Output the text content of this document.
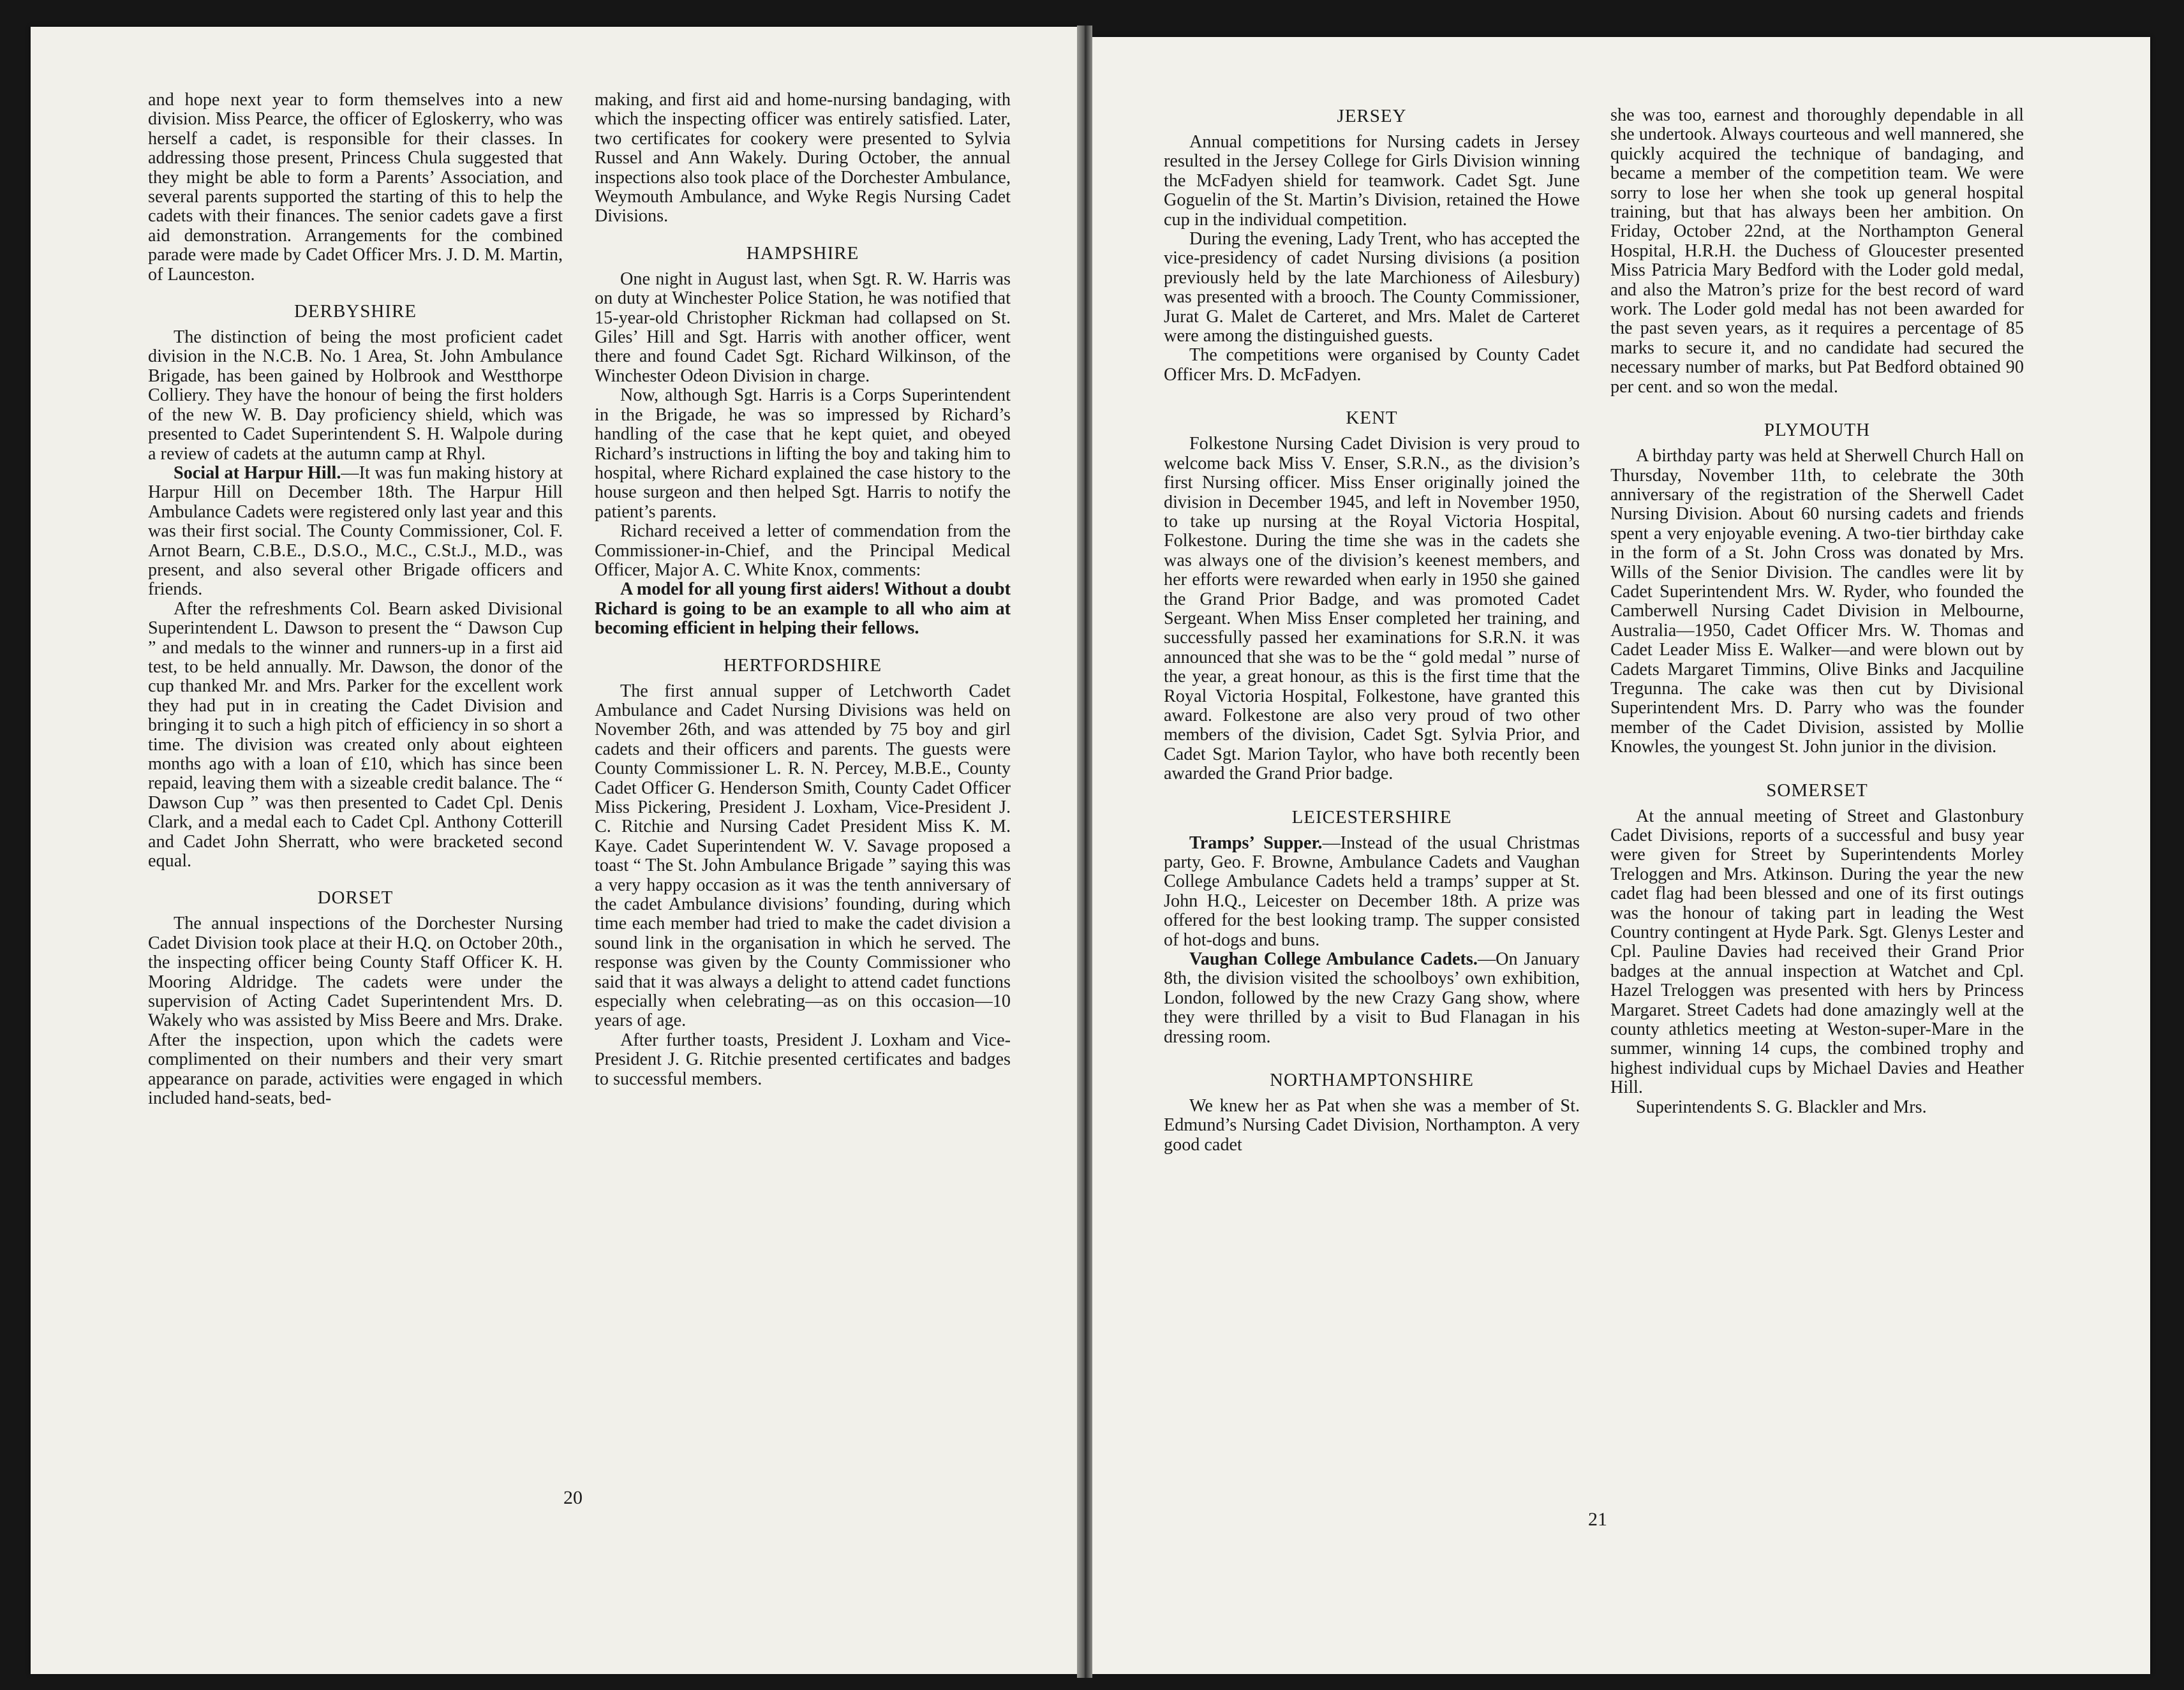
and hope next year to form themselves into a new division. Miss Pearce, the officer of Egloskerry, who was herself a cadet, is responsible for their classes. In addressing those present, Princess Chula suggested that they might be able to form a Parents’ Association, and several parents supported the starting of this to help the cadets with their finances. The senior cadets gave a first aid demonstration. Arrangements for the combined parade were made by Cadet Officer Mrs. J. D. M. Martin, of Launceston.

DERBYSHIRE

The distinction of being the most proficient cadet division in the N.C.B. No. 1 Area, St. John Ambulance Brigade, has been gained by Holbrook and Westthorpe Colliery. They have the honour of being the first holders of the new W. B. Day proficiency shield, which was presented to Cadet Superintendent S. H. Walpole during a review of cadets at the autumn camp at Rhyl.

Social at Harpur Hill.—It was fun making history at Harpur Hill on December 18th. The Harpur Hill Ambulance Cadets were registered only last year and this was their first social. The County Commissioner, Col. F. Arnot Bearn, C.B.E., D.S.O., M.C., C.St.J., M.D., was present, and also several other Brigade officers and friends.

After the refreshments Col. Bearn asked Divisional Superintendent L. Dawson to present the “ Dawson Cup ” and medals to the winner and runners-up in a first aid test, to be held annually. Mr. Dawson, the donor of the cup thanked Mr. and Mrs. Parker for the excellent work they had put in in creating the Cadet Division and bringing it to such a high pitch of efficiency in so short a time. The division was created only about eighteen months ago with a loan of £10, which has since been repaid, leaving them with a sizeable credit balance. The “ Dawson Cup ” was then presented to Cadet Cpl. Denis Clark, and a medal each to Cadet Cpl. Anthony Cotterill and Cadet John Sherratt, who were bracketed second equal.

DORSET

The annual inspections of the Dorchester Nursing Cadet Division took place at their H.Q. on October 20th., the inspecting officer being County Staff Officer K. H. Mooring Aldridge. The cadets were under the supervision of Acting Cadet Superintendent Mrs. D. Wakely who was assisted by Miss Beere and Mrs. Drake. After the inspection, upon which the cadets were complimented on their numbers and their very smart appearance on parade, activities were engaged in which included hand-seats, bed-

making, and first aid and home-nursing bandaging, with which the inspecting officer was entirely satisfied. Later, two certificates for cookery were presented to Sylvia Russel and Ann Wakely. During October, the annual inspections also took place of the Dorchester Ambulance, Weymouth Ambulance, and Wyke Regis Nursing Cadet Divisions.

HAMPSHIRE

One night in August last, when Sgt. R. W. Harris was on duty at Winchester Police Station, he was notified that 15-year-old Christopher Rickman had collapsed on St. Giles’ Hill and Sgt. Harris with another officer, went there and found Cadet Sgt. Richard Wilkinson, of the Winchester Odeon Division in charge.

Now, although Sgt. Harris is a Corps Superintendent in the Brigade, he was so impressed by Richard’s handling of the case that he kept quiet, and obeyed Richard’s instructions in lifting the boy and taking him to hospital, where Richard explained the case history to the house surgeon and then helped Sgt. Harris to notify the patient’s parents.

Richard received a letter of commendation from the Commissioner-in-Chief, and the Principal Medical Officer, Major A. C. White Knox, comments:

A model for all young first aiders! Without a doubt Richard is going to be an example to all who aim at becoming efficient in helping their fellows.

HERTFORDSHIRE

The first annual supper of Letchworth Cadet Ambulance and Cadet Nursing Divisions was held on November 26th, and was attended by 75 boy and girl cadets and their officers and parents. The guests were County Commissioner L. R. N. Percey, M.B.E., County Cadet Officer G. Henderson Smith, County Cadet Officer Miss Pickering, President J. Loxham, Vice-President J. C. Ritchie and Nursing Cadet President Miss K. M. Kaye. Cadet Superintendent W. V. Savage proposed a toast “ The St. John Ambulance Brigade ” saying this was a very happy occasion as it was the tenth anniversary of the cadet Ambulance divisions’ founding, during which time each member had tried to make the cadet division a sound link in the organisation in which he served. The response was given by the County Commissioner who said that it was always a delight to attend cadet functions especially when celebrating—as on this occasion—10 years of age.

After further toasts, President J. Loxham and Vice-President J. G. Ritchie presented certificates and badges to successful members.

20
JERSEY

Annual competitions for Nursing cadets in Jersey resulted in the Jersey College for Girls Division winning the McFadyen shield for teamwork. Cadet Sgt. June Goguelin of the St. Martin’s Division, retained the Howe cup in the individual competition.

During the evening, Lady Trent, who has accepted the vice-presidency of cadet Nursing divisions (a position previously held by the late Marchioness of Ailesbury) was presented with a brooch. The County Commissioner, Jurat G. Malet de Carteret, and Mrs. Malet de Carteret were among the distinguished guests.

The competitions were organised by County Cadet Officer Mrs. D. McFadyen.

KENT

Folkestone Nursing Cadet Division is very proud to welcome back Miss V. Enser, S.R.N., as the division’s first Nursing officer. Miss Enser originally joined the division in December 1945, and left in November 1950, to take up nursing at the Royal Victoria Hospital, Folkestone. During the time she was in the cadets she was always one of the division’s keenest members, and her efforts were rewarded when early in 1950 she gained the Grand Prior Badge, and was promoted Cadet Sergeant. When Miss Enser completed her training, and successfully passed her examinations for S.R.N. it was announced that she was to be the “ gold medal ” nurse of the year, a great honour, as this is the first time that the Royal Victoria Hospital, Folkestone, have granted this award. Folkestone are also very proud of two other members of the division, Cadet Sgt. Sylvia Prior, and Cadet Sgt. Marion Taylor, who have both recently been awarded the Grand Prior badge.

LEICESTERSHIRE

Tramps’ Supper.—Instead of the usual Christmas party, Geo. F. Browne, Ambulance Cadets and Vaughan College Ambulance Cadets held a tramps’ supper at St. John H.Q., Leicester on December 18th. A prize was offered for the best looking tramp. The supper consisted of hot-dogs and buns.

Vaughan College Ambulance Cadets.—On January 8th, the division visited the schoolboys’ own exhibition, London, followed by the new Crazy Gang show, where they were thrilled by a visit to Bud Flanagan in his dressing room.

NORTHAMPTONSHIRE

We knew her as Pat when she was a member of St. Edmund’s Nursing Cadet Division, Northampton. A very good cadet

she was too, earnest and thoroughly dependable in all she undertook. Always courteous and well mannered, she quickly acquired the technique of bandaging, and became a member of the competition team. We were sorry to lose her when she took up general hospital training, but that has always been her ambition. On Friday, October 22nd, at the Northampton General Hospital, H.R.H. the Duchess of Gloucester presented Miss Patricia Mary Bedford with the Loder gold medal, and also the Matron’s prize for the best record of ward work. The Loder gold medal has not been awarded for the past seven years, as it requires a percentage of 85 marks to secure it, and no candidate had secured the necessary number of marks, but Pat Bedford obtained 90 per cent. and so won the medal.

PLYMOUTH

A birthday party was held at Sherwell Church Hall on Thursday, November 11th, to celebrate the 30th anniversary of the registration of the Sherwell Cadet Nursing Division. About 60 nursing cadets and friends spent a very enjoyable evening. A two-tier birthday cake in the form of a St. John Cross was donated by Mrs. Wills of the Senior Division. The candles were lit by Cadet Superintendent Mrs. W. Ryder, who founded the Camberwell Nursing Cadet Division in Melbourne, Australia—1950, Cadet Officer Mrs. W. Thomas and Cadet Leader Miss E. Walker—and were blown out by Cadets Margaret Timmins, Olive Binks and Jacquiline Tregunna. The cake was then cut by Divisional Superintendent Mrs. D. Parry who was the founder member of the Cadet Division, assisted by Mollie Knowles, the youngest St. John junior in the division.

SOMERSET

At the annual meeting of Street and Glastonbury Cadet Divisions, reports of a successful and busy year were given for Street by Superintendents Morley Treloggen and Mrs. Atkinson. During the year the new cadet flag had been blessed and one of its first outings was the honour of taking part in leading the West Country contingent at Hyde Park. Sgt. Glenys Lester and Cpl. Pauline Davies had received their Grand Prior badges at the annual inspection at Watchet and Cpl. Hazel Treloggen was presented with hers by Princess Margaret. Street Cadets had done amazingly well at the county athletics meeting at Weston-super-Mare in the summer, winning 14 cups, the combined trophy and highest individual cups by Michael Davies and Heather Hill.

Superintendents S. G. Blackler and Mrs.

21
